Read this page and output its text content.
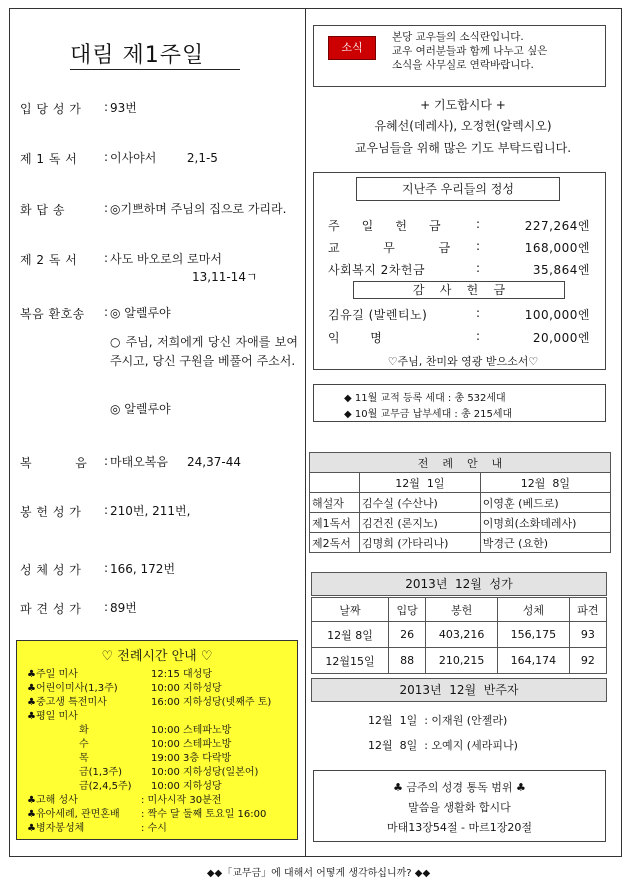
대림 제1주일
입 당 성 가	: 93번
제 1 독 서	: 이사야서        2,1-5
화 답 송	: ◎기쁘하며 주님의 집으로 가리라.
제 2 독 서	: 사도 바오로의 로마서
13,11-14ㄱ
복음 환호송	: ◎ 알렐루야
○ 주님, 저희에게 당신 자애를 보여 주시고, 당신 구원을 베풀어 주소서.
◎ 알렐루야
복          음	: 마태오복음     24,37-44
봉 헌 성 가	: 210번, 211번,
성 체 성 가	: 166, 172번
파 견 성 가	: 89번
♡ 전례시간 안내 ♡
♣주일 미사	12:15 대성당
♣어린이미사(1,3주)	10:00 지하성당
♣중고생 특전미사	16:00 지하성당(넷째주 토)
♣평일 미사
화	10:00 스테파노방
수	10:00 스테파노방
목	19:00 3층 다락방
금(1,3주)	10:00 지하성당(일본어)
금(2,4,5주) 10:00 지하성당
♣고해 성사	: 미사시작 30분전
♣유아세례, 관면혼배 : 짝수 달 둘째 토요일 16:00
♣병자봉성체	: 수시
소식
본당 교우들의 소식란입니다.
교우 여러분들과 함께 나누고 싶은
소식을 사무실로 연락바랍니다.
+ 기도합시다 +
유혜선(데레사), 오정헌(알렉시오)
교우님들을 위해 많은 기도 부탁드립니다.
주     일     헌     금	:	227,264엔
교          무          금 :	168,000엔
사회복지 2차헌금	:	35,864엔
김유길 (발렌티노)	:	100,000엔
익       명	:	20,000엔
지난주 우리들의 정성
감    사    헌    금
♡주님, 찬미와 영광 받으소서♡
◆ 11월 교적 등록 세대 : 총 532세대
◆ 10월 교무금 납부세대 : 총 215세대
전    례    안    내		
	12월  1일	12월  8일
해설자	김수실 (수산나)	이영훈 (베드로)
제1독서	김건진 (론지노)	이명희(소화데레사)
제2독서	김명희 (가타리나)	박경근 (요한)
2013년  12월  성가
날짜	입당	봉헌	성체	파견
12월 8일	26	403,216	156,175	93
12월15일	88	210,215	164,174	92
2013년  12월  반주자
12월  1일  : 이재원 (안젤라)
12월  8일  : 오예지 (세라피나)
♣ 금주의 성경 통독 범위 ♣
말씀을 생활화 합시다
마태13장54절 - 마르1장20절
◆◆「교무금」에 대해서 어떻게 생각하십니까? ◆◆
